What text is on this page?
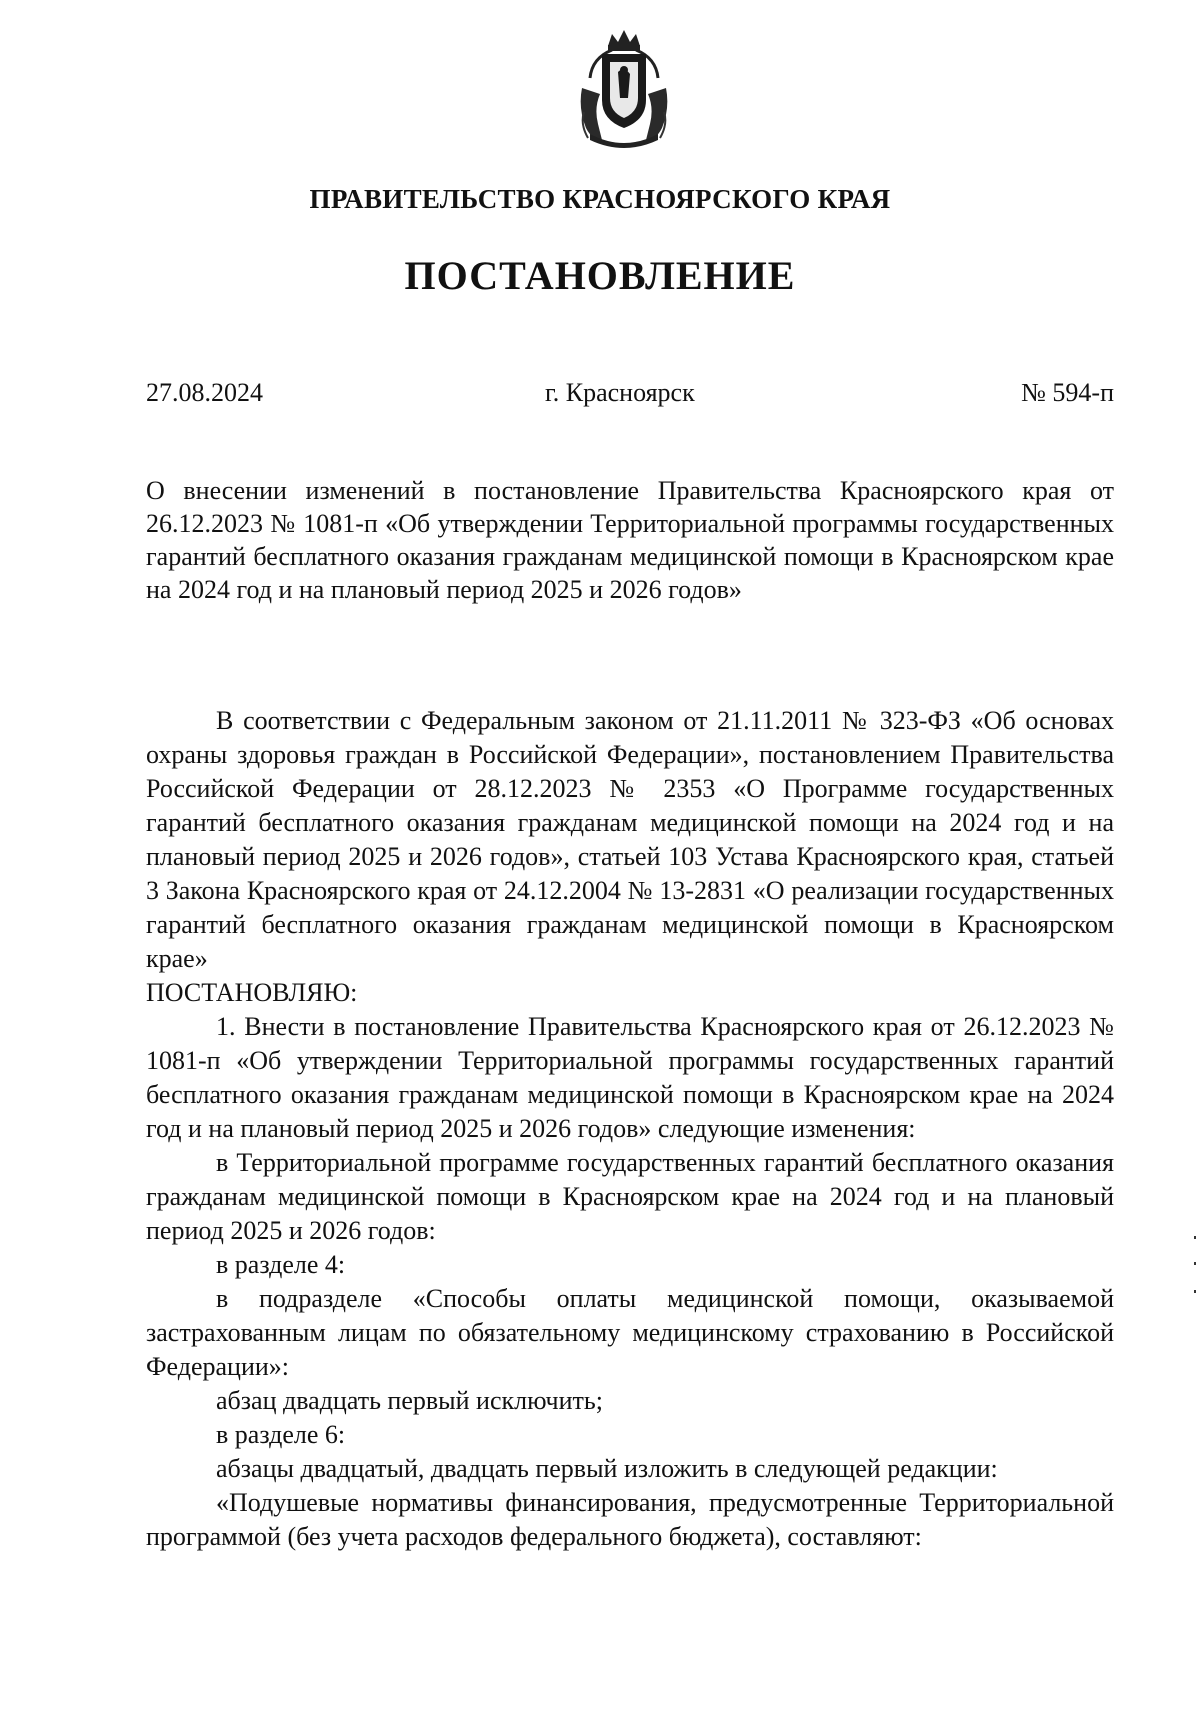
ПРАВИТЕЛЬСТВО КРАСНОЯРСКОГО КРАЯ
ПОСТАНОВЛЕНИЕ
27.08.2024	г. Красноярск	№ 594-п
О внесении изменений в постановление Правительства Красноярского края от 26.12.2023 № 1081-п «Об утверждении Территориальной программы государственных гарантий бесплатного оказания гражданам медицинской помощи в Красноярском крае на 2024 год и на плановый период 2025 и 2026 годов»

В соответствии с Федеральным законом от 21.11.2011 № 323-ФЗ «Об основах охраны здоровья граждан в Российской Федерации», постановлением Правительства Российской Федерации от 28.12.2023 № 2353 «О Программе государственных гарантий бесплатного оказания гражданам медицинской помощи на 2024 год и на плановый период 2025 и 2026 годов», статьей 103 Устава Красноярского края, статьей 3 Закона Красноярского края от 24.12.2004 № 13-2831 «О реализации государственных гарантий бесплатного оказания гражданам медицинской помощи в Красноярском крае»

ПОСТАНОВЛЯЮ:

1. Внести в постановление Правительства Красноярского края от 26.12.2023 № 1081-п «Об утверждении Территориальной программы государственных гарантий бесплатного оказания гражданам медицинской помощи в Красноярском крае на 2024 год и на плановый период 2025 и 2026 годов» следующие изменения:

в Территориальной программе государственных гарантий бесплатного оказания гражданам медицинской помощи в Красноярском крае на 2024 год и на плановый период 2025 и 2026 годов:

в разделе 4:

в подразделе «Способы оплаты медицинской помощи, оказываемой застрахованным лицам по обязательному медицинскому страхованию в Российской Федерации»:

абзац двадцать первый исключить;

в разделе 6:

абзацы двадцатый, двадцать первый изложить в следующей редакции:

«Подушевые нормативы финансирования, предусмотренные Территориальной программой (без учета расходов федерального бюджета), составляют:
